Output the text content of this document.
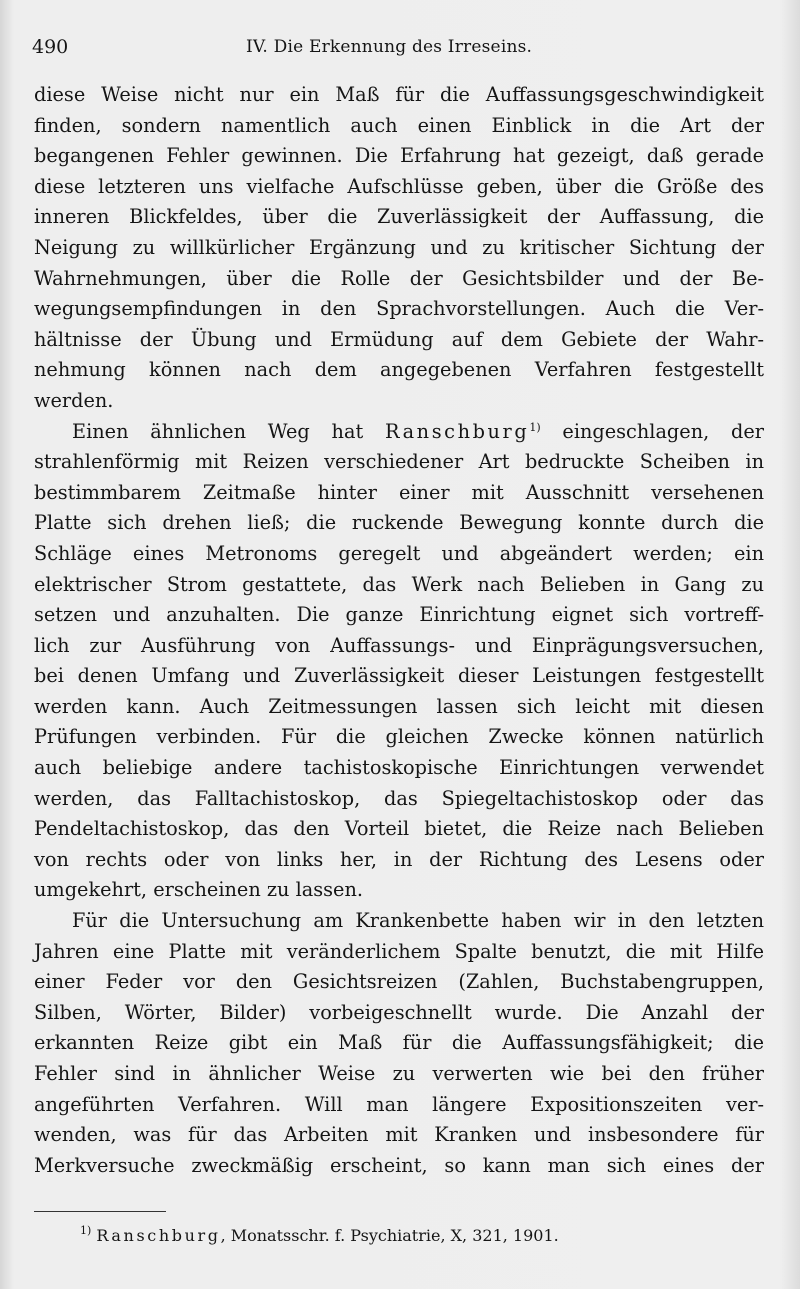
490	IV. Die Erkennung des Irreseins.
diese Weise nicht nur ein Maß für die Auffassungsgeschwindigkeit
finden, sondern namentlich auch einen Einblick in die Art der
begangenen Fehler gewinnen. Die Erfahrung hat gezeigt, daß gerade
diese letzteren uns vielfache Aufschlüsse geben, über die Größe des
inneren Blickfeldes, über die Zuverlässigkeit der Auffassung, die
Neigung zu willkürlicher Ergänzung und zu kritischer Sichtung der
Wahrnehmungen, über die Rolle der Gesichtsbilder und der Be-
wegungsempfindungen in den Sprachvorstellungen. Auch die Ver-
hältnisse der Übung und Ermüdung auf dem Gebiete der Wahr-
nehmung können nach dem angegebenen Verfahren festgestellt
werden.
Einen ähnlichen Weg hat Ranschburg$^{1)}$ eingeschlagen, der
strahlenförmig mit Reizen verschiedener Art bedruckte Scheiben in
bestimmbarem Zeitmaße hinter einer mit Ausschnitt versehenen
Platte sich drehen ließ; die ruckende Bewegung konnte durch die
Schläge eines Metronoms geregelt und abgeändert werden; ein
elektrischer Strom gestattete, das Werk nach Belieben in Gang zu
setzen und anzuhalten. Die ganze Einrichtung eignet sich vortreff-
lich zur Ausführung von Auffassungs- und Einprägungsversuchen,
bei denen Umfang und Zuverlässigkeit dieser Leistungen festgestellt
werden kann. Auch Zeitmessungen lassen sich leicht mit diesen
Prüfungen verbinden. Für die gleichen Zwecke können natürlich
auch beliebige andere tachistoskopische Einrichtungen verwendet
werden, das Falltachistoskop, das Spiegeltachistoskop oder das
Pendeltachistoskop, das den Vorteil bietet, die Reize nach Belieben
von rechts oder von links her, in der Richtung des Lesens oder
umgekehrt, erscheinen zu lassen.
Für die Untersuchung am Krankenbette haben wir in den letzten
Jahren eine Platte mit veränderlichem Spalte benutzt, die mit Hilfe
einer Feder vor den Gesichtsreizen (Zahlen, Buchstabengruppen,
Silben, Wörter, Bilder) vorbeigeschnellt wurde. Die Anzahl der
erkannten Reize gibt ein Maß für die Auffassungsfähigkeit; die
Fehler sind in ähnlicher Weise zu verwerten wie bei den früher
angeführten Verfahren. Will man längere Expositionszeiten ver-
wenden, was für das Arbeiten mit Kranken und insbesondere für
Merkversuche zweckmäßig erscheint, so kann man sich eines der
$^{1)}$ Ranschburg, Monatsschr. f. Psychiatrie, X, 321, 1901.
